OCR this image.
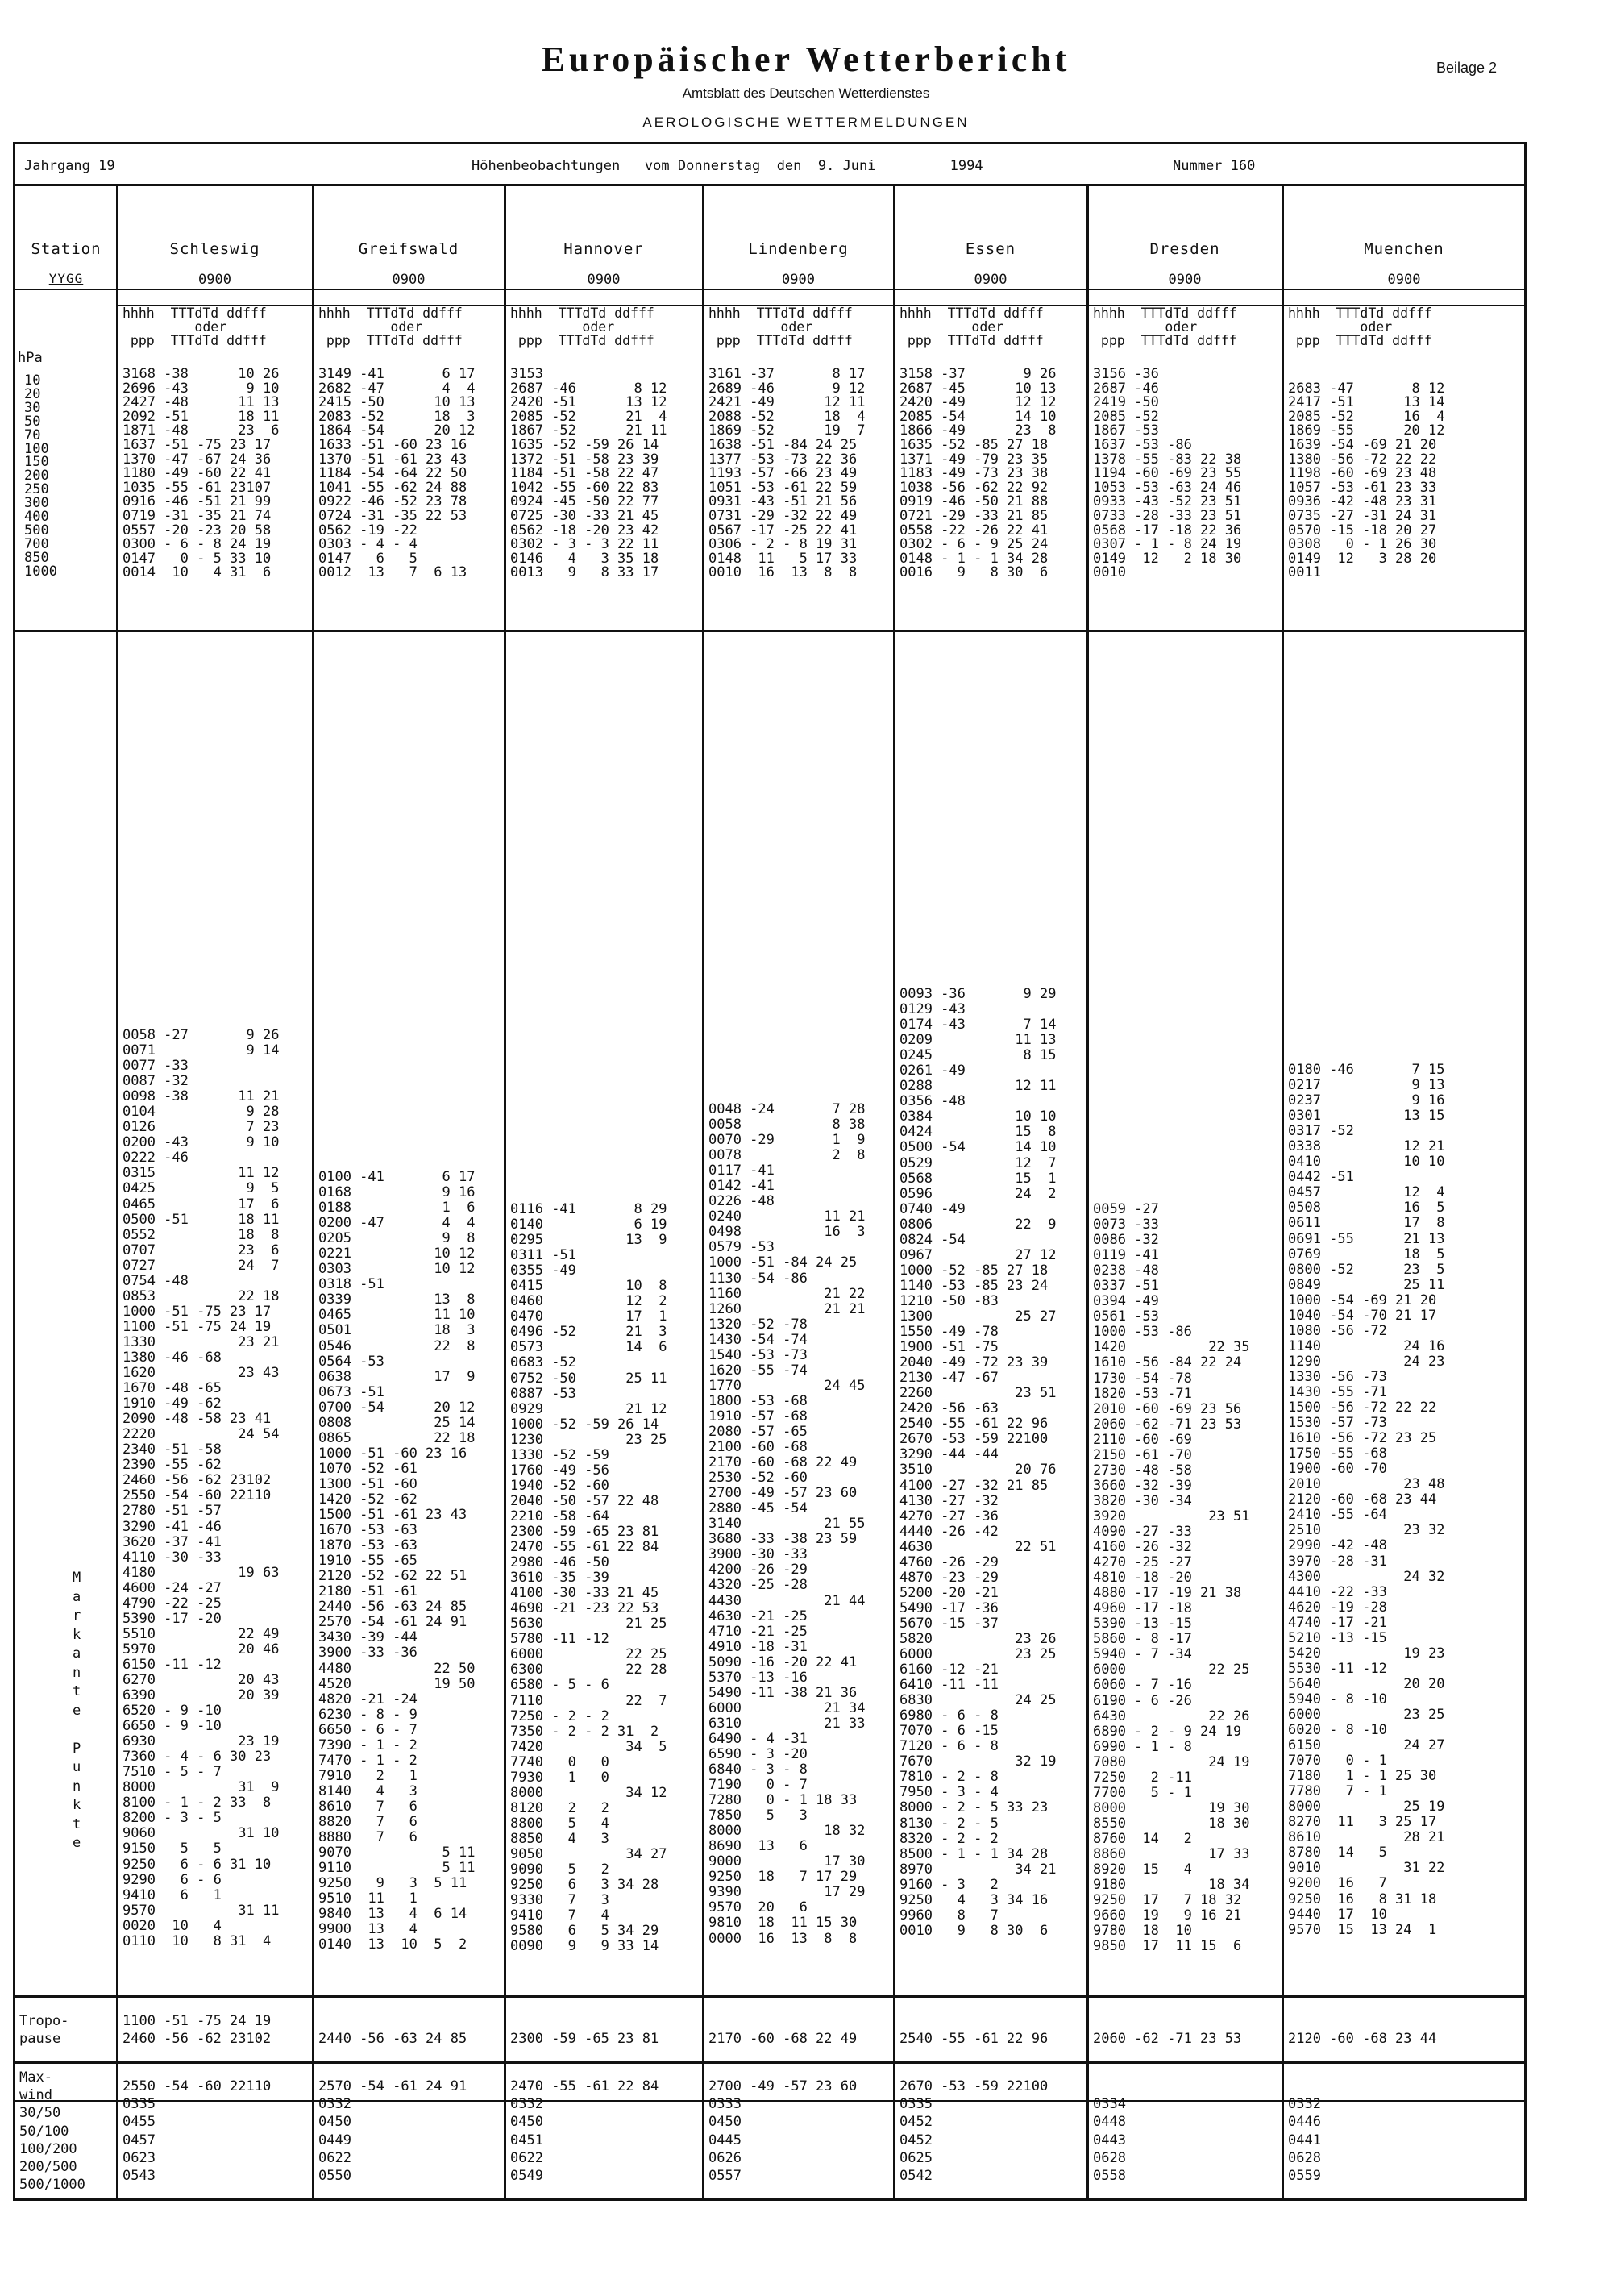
Europäischer Wetterbericht
Amtsblatt des Deutschen Wetterdienstes
AEROLOGISCHE WETTERMELDUNGEN
Beilage 2
Jahrgang 19	Höhenbeobachtungen   vom Donnerstag  den  9. Juni         1994	Nummer 160
Station
YYGG
hPa
10
20
30
50
70
100
150
200
250
300
400
500
700
850
1000
M
a
r
k
a
n
t
e

P
u
n
k
t
e
Tropo-
pause
Max-
wind
30/50
50/100
100/200
200/500
500/1000
Schleswig
0900
hhhh  TTTdTd ddfff
oder
ppp  TTTdTd ddfff
3168 -38      10 26
2696 -43       9 10
2427 -48      11 13
2092 -51      18 11
1871 -48      23  6
1637 -51 -75 23 17
1370 -47 -67 24 36
1180 -49 -60 22 41
1035 -55 -61 23107
0916 -46 -51 21 99
0719 -31 -35 21 74
0557 -20 -23 20 58
0300 - 6 - 8 24 19
0147   0 - 5 33 10
0014  10   4 31  6
0058 -27       9 26
0071           9 14
0077 -33
0087 -32
0098 -38      11 21
0104           9 28
0126           7 23
0200 -43       9 10
0222 -46
0315          11 12
0425           9  5
0465          17  6
0500 -51      18 11
0552          18  8
0707          23  6
0727          24  7
0754 -48
0853          22 18
1000 -51 -75 23 17
1100 -51 -75 24 19
1330          23 21
1380 -46 -68
1620          23 43
1670 -48 -65
1910 -49 -62
2090 -48 -58 23 41
2220          24 54
2340 -51 -58
2390 -55 -62
2460 -56 -62 23102
2550 -54 -60 22110
2780 -51 -57
3290 -41 -46
3620 -37 -41
4110 -30 -33
4180          19 63
4600 -24 -27
4790 -22 -25
5390 -17 -20
5510          22 49
5970          20 46
6150 -11 -12
6270          20 43
6390          20 39
6520 - 9 -10
6650 - 9 -10
6930          23 19
7360 - 4 - 6 30 23
7510 - 5 - 7
8000          31  9
8100 - 1 - 2 33  8
8200 - 3 - 5
9060          31 10
9150   5   5
9250   6 - 6 31 10
9290   6 - 6
9410   6   1
9570          31 11
0020  10   4
0110  10   8 31  4
1100 -51 -75 24 19
2460 -56 -62 23102
2550 -54 -60 22110
0335
0455
0457
0623
0543
Greifswald
0900
hhhh  TTTdTd ddfff
oder
ppp  TTTdTd ddfff
3149 -41       6 17
2682 -47       4  4
2415 -50      10 13
2083 -52      18  3
1864 -54      20 12
1633 -51 -60 23 16
1370 -51 -61 23 43
1184 -54 -64 22 50
1041 -55 -62 24 88
0922 -46 -52 23 78
0724 -31 -35 22 53
0562 -19 -22
0303 - 4 - 4
0147   6   5
0012  13   7  6 13
0100 -41       6 17
0168           9 16
0188           1  6
0200 -47       4  4
0205           9  8
0221          10 12
0303          10 12
0318 -51
0339          13  8
0465          11 10
0501          18  3
0546          22  8
0564 -53
0638          17  9
0673 -51
0700 -54      20 12
0808          25 14
0865          22 18
1000 -51 -60 23 16
1070 -52 -61
1300 -51 -60
1420 -52 -62
1500 -51 -61 23 43
1670 -53 -63
1870 -53 -63
1910 -55 -65
2120 -52 -62 22 51
2180 -51 -61
2440 -56 -63 24 85
2570 -54 -61 24 91
3430 -39 -44
3900 -33 -36
4480          22 50
4520          19 50
4820 -21 -24
6230 - 8 - 9
6650 - 6 - 7
7390 - 1 - 2
7470 - 1 - 2
7910   2   1
8140   4   3
8610   7   6
8820   7   6
8880   7   6
9070           5 11
9110           5 11
9250   9   3  5 11
9510  11   1
9840  13   4  6 14
9900  13   4
0140  13  10  5  2

2440 -56 -63 24 85
2570 -54 -61 24 91
0332
0450
0449
0622
0550
Hannover
0900
hhhh  TTTdTd ddfff
oder
ppp  TTTdTd ddfff
3153
2687 -46       8 12
2420 -51      13 12
2085 -52      21  4
1867 -52      21 11
1635 -52 -59 26 14
1372 -51 -58 23 39
1184 -51 -58 22 47
1042 -55 -60 22 83
0924 -45 -50 22 77
0725 -30 -33 21 45
0562 -18 -20 23 42
0302 - 3 - 3 22 11
0146   4   3 35 18
0013   9   8 33 17
0116 -41       8 29
0140           6 19
0295          13  9
0311 -51
0355 -49
0415          10  8
0460          12  2
0470          17  1
0496 -52      21  3
0573          14  6
0683 -52
0752 -50      25 11
0887 -53
0929          21 12
1000 -52 -59 26 14
1230          23 25
1330 -52 -59
1760 -49 -56
1940 -52 -60
2040 -50 -57 22 48
2210 -58 -64
2300 -59 -65 23 81
2470 -55 -61 22 84
2980 -46 -50
3610 -35 -39
4100 -30 -33 21 45
4690 -21 -23 22 53
5630          21 25
5780 -11 -12
6000          22 25
6300          22 28
6580 - 5 - 6
7110          22  7
7250 - 2 - 2
7350 - 2 - 2 31  2
7420          34  5
7740   0   0
7930   1   0
8000          34 12
8120   2   2
8800   5   4
8850   4   3
9050          34 27
9090   5   2
9250   6   3 34 28
9330   7   3
9410   7   4
9580   6   5 34 29
0090   9   9 33 14

2300 -59 -65 23 81
2470 -55 -61 22 84
0332
0450
0451
0622
0549
Lindenberg
0900
hhhh  TTTdTd ddfff
oder
ppp  TTTdTd ddfff
3161 -37       8 17
2689 -46       9 12
2421 -49      12 11
2088 -52      18  4
1869 -52      19  7
1638 -51 -84 24 25
1377 -53 -73 22 36
1193 -57 -66 23 49
1051 -53 -61 22 59
0931 -43 -51 21 56
0731 -29 -32 22 49
0567 -17 -25 22 41
0306 - 2 - 8 19 31
0148  11   5 17 33
0010  16  13  8  8
0048 -24       7 28
0058           8 38
0070 -29       1  9
0078           2  8
0117 -41
0142 -41
0226 -48
0240          11 21
0498          16  3
0579 -53
1000 -51 -84 24 25
1130 -54 -86
1160          21 22
1260          21 21
1320 -52 -78
1430 -54 -74
1540 -53 -73
1620 -55 -74
1770          24 45
1800 -53 -68
1910 -57 -68
2080 -57 -65
2100 -60 -68
2170 -60 -68 22 49
2530 -52 -60
2700 -49 -57 23 60
2880 -45 -54
3140          21 55
3680 -33 -38 23 59
3900 -30 -33
4200 -26 -29
4320 -25 -28
4430          21 44
4630 -21 -25
4710 -21 -25
4910 -18 -31
5090 -16 -20 22 41
5370 -13 -16
5490 -11 -38 21 36
6000          21 34
6310          21 33
6490 - 4 -31
6590 - 3 -20
6840 - 3 - 8
7190   0 - 7
7280   0 - 1 18 33
7850   5   3
8000          18 32
8690  13   6
9000          17 30
9250  18   7 17 29
9390          17 29
9570  20   6
9810  18  11 15 30
0000  16  13  8  8

2170 -60 -68 22 49
2700 -49 -57 23 60
0333
0450
0445
0626
0557
Essen
0900
hhhh  TTTdTd ddfff
oder
ppp  TTTdTd ddfff
3158 -37       9 26
2687 -45      10 13
2420 -49      12 12
2085 -54      14 10
1866 -49      23  8
1635 -52 -85 27 18
1371 -49 -79 23 35
1183 -49 -73 23 38
1038 -56 -62 22 92
0919 -46 -50 21 88
0721 -29 -33 21 85
0558 -22 -26 22 41
0302 - 6 - 9 25 24
0148 - 1 - 1 34 28
0016   9   8 30  6
0093 -36       9 29
0129 -43
0174 -43       7 14
0209          11 13
0245           8 15
0261 -49
0288          12 11
0356 -48
0384          10 10
0424          15  8
0500 -54      14 10
0529          12  7
0568          15  1
0596          24  2
0740 -49
0806          22  9
0824 -54
0967          27 12
1000 -52 -85 27 18
1140 -53 -85 23 24
1210 -50 -83
1300          25 27
1550 -49 -78
1900 -51 -75
2040 -49 -72 23 39
2130 -47 -67
2260          23 51
2420 -56 -63
2540 -55 -61 22 96
2670 -53 -59 22100
3290 -44 -44
3510          20 76
4100 -27 -32 21 85
4130 -27 -32
4270 -27 -36
4440 -26 -42
4630          22 51
4760 -26 -29
4870 -23 -29
5200 -20 -21
5490 -17 -36
5670 -15 -37
5820          23 26
6000          23 25
6160 -12 -21
6410 -11 -11
6830          24 25
6980 - 6 - 8
7070 - 6 -15
7120 - 6 - 8
7670          32 19
7810 - 2 - 8
7950 - 3 - 4
8000 - 2 - 5 33 23
8130 - 2 - 5
8320 - 2 - 2
8500 - 1 - 1 34 28
8970          34 21
9160 - 3   2
9250   4   3 34 16
9960   8   7
0010   9   8 30  6

2540 -55 -61 22 96
2670 -53 -59 22100
0335
0452
0452
0625
0542
Dresden
0900
hhhh  TTTdTd ddfff
oder
ppp  TTTdTd ddfff
3156 -36
2687 -46
2419 -50
2085 -52
1867 -53
1637 -53 -86
1378 -55 -83 22 38
1194 -60 -69 23 55
1053 -53 -63 24 46
0933 -43 -52 23 51
0733 -28 -33 23 51
0568 -17 -18 22 36
0307 - 1 - 8 24 19
0149  12   2 18 30
0010
0059 -27
0073 -33
0086 -32
0119 -41
0238 -48
0337 -51
0394 -49
0561 -53
1000 -53 -86
1420          22 35
1610 -56 -84 22 24
1730 -54 -78
1820 -53 -71
2010 -60 -69 23 56
2060 -62 -71 23 53
2110 -60 -69
2150 -61 -70
2730 -48 -58
3660 -32 -39
3820 -30 -34
3920          23 51
4090 -27 -33
4160 -26 -32
4270 -25 -27
4810 -18 -20
4880 -17 -19 21 38
4960 -17 -18
5390 -13 -15
5860 - 8 -17
5940 - 7 -34
6000          22 25
6060 - 7 -16
6190 - 6 -26
6430          22 26
6890 - 2 - 9 24 19
6990 - 1 - 8
7080          24 19
7250   2 -11
7700   5 - 1
8000          19 30
8550          18 30
8760  14   2
8860          17 33
8920  15   4
9180          18 34
9250  17   7 18 32
9660  19   9 16 21
9780  18  10
9850  17  11 15  6

2060 -62 -71 23 53

0334
0448
0443
0628
0558
Muenchen
0900
hhhh  TTTdTd ddfff
oder
ppp  TTTdTd ddfff

2683 -47       8 12
2417 -51      13 14
2085 -52      16  4
1869 -55      20 12
1639 -54 -69 21 20
1380 -56 -72 22 22
1198 -60 -69 23 48
1057 -53 -61 23 33
0936 -42 -48 23 31
0735 -27 -31 24 31
0570 -15 -18 20 27
0308   0 - 1 26 30
0149  12   3 28 20
0011
0180 -46       7 15
0217           9 13
0237           9 16
0301          13 15
0317 -52
0338          12 21
0410          10 10
0442 -51
0457          12  4
0508          16  5
0611          17  8
0691 -55      21 13
0769          18  5
0800 -52      23  5
0849          25 11
1000 -54 -69 21 20
1040 -54 -70 21 17
1080 -56 -72
1140          24 16
1290          24 23
1330 -56 -73
1430 -55 -71
1500 -56 -72 22 22
1530 -57 -73
1610 -56 -72 23 25
1750 -55 -68
1900 -60 -70
2010          23 48
2120 -60 -68 23 44
2410 -55 -64
2510          23 32
2990 -42 -48
3970 -28 -31
4300          24 32
4410 -22 -33
4620 -19 -28
4740 -17 -21
5210 -13 -15
5420          19 23
5530 -11 -12
5640          20 20
5940 - 8 -10
6000          23 25
6020 - 8 -10
6150          24 27
7070   0 - 1
7180   1 - 1 25 30
7780   7 - 1
8000          25 19
8270  11   3 25 17
8610          28 21
8780  14   5
9010          31 22
9200  16   7
9250  16   8 31 18
9440  17  10
9570  15  13 24  1

2120 -60 -68 23 44

0332
0446
0441
0628
0559
